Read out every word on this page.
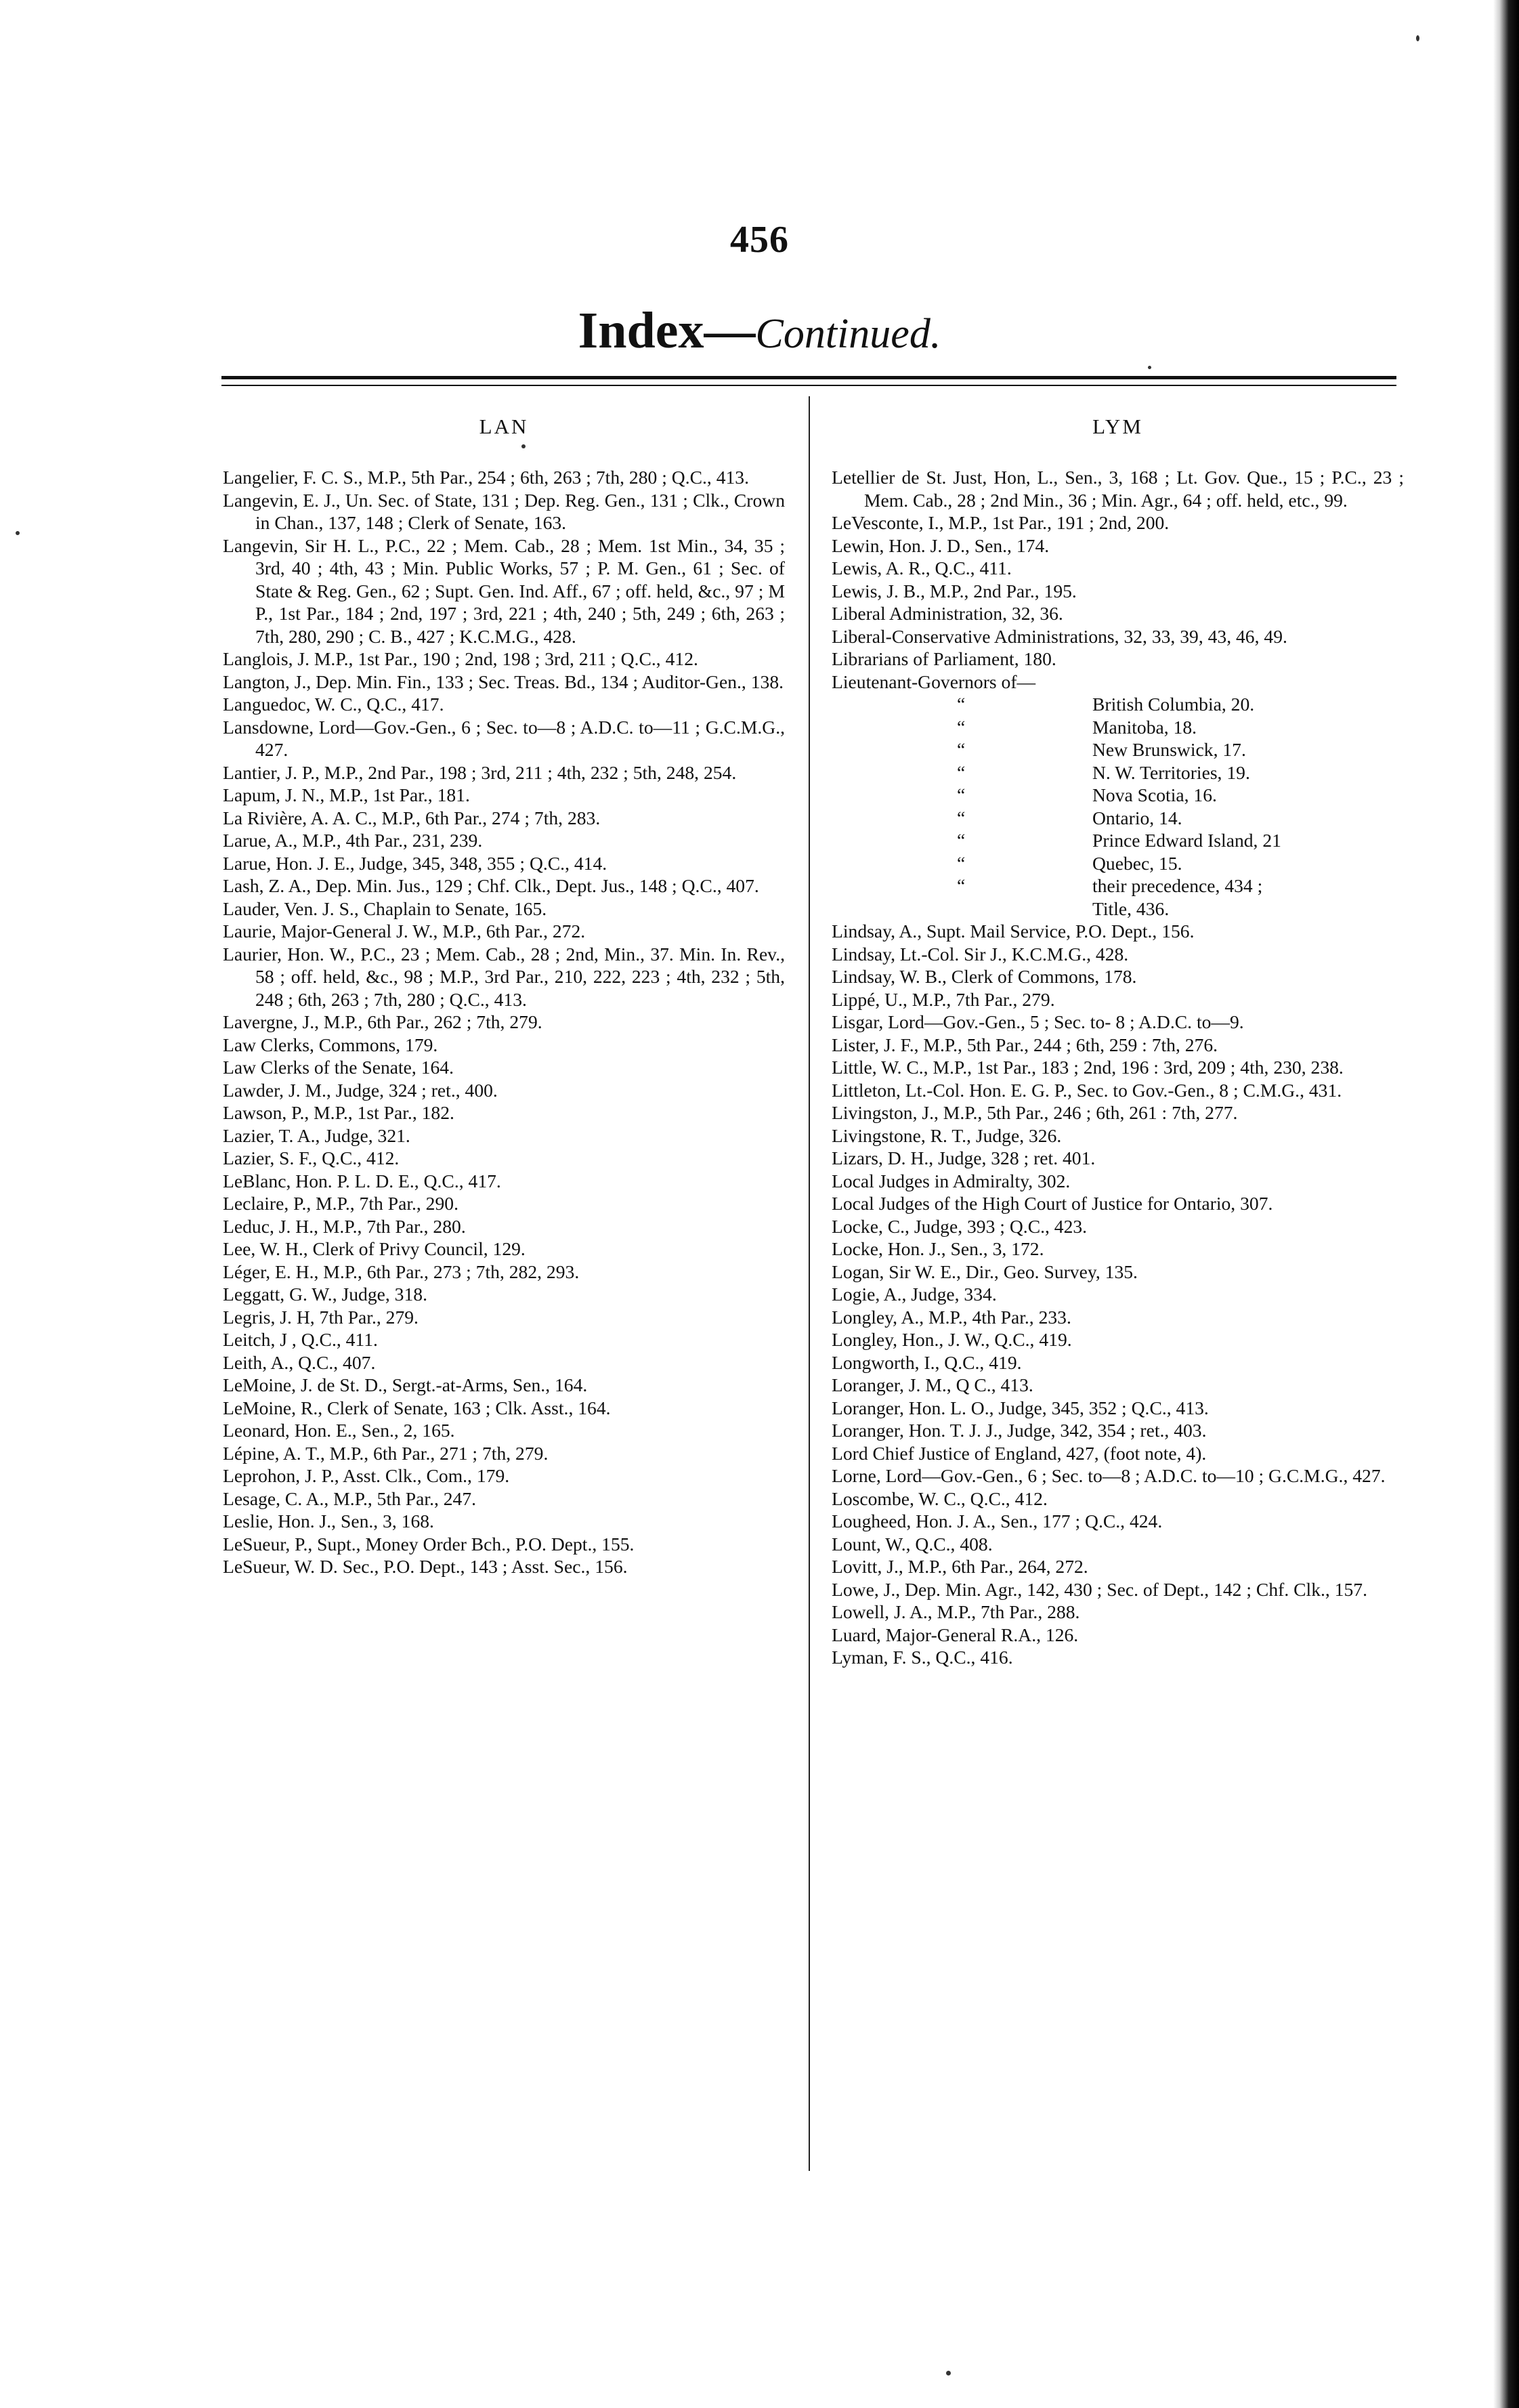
456
Index—Continued.
LAN	LYM

Langelier, F. C. S., M.P., 5th Par., 254 ; 6th, 263 ; 7th, 280 ; Q.C., 413.

Langevin, E. J., Un. Sec. of State, 131 ; Dep. Reg. Gen., 131 ; Clk., Crown in Chan., 137, 148 ; Clerk of Senate, 163.

Langevin, Sir H. L., P.C., 22 ; Mem. Cab., 28 ; Mem. 1st Min., 34, 35 ; 3rd, 40 ; 4th, 43 ; Min. Public Works, 57 ; P. M. Gen., 61 ; Sec. of State & Reg. Gen., 62 ; Supt. Gen. Ind. Aff., 67 ; off. held, &c., 97 ; M P., 1st Par., 184 ; 2nd, 197 ; 3rd, 221 ; 4th, 240 ; 5th, 249 ; 6th, 263 ; 7th, 280, 290 ; C. B., 427 ; K.C.M.G., 428.

Langlois, J. M.P., 1st Par., 190 ; 2nd, 198 ; 3rd, 211 ; Q.C., 412.

Langton, J., Dep. Min. Fin., 133 ; Sec. Treas. Bd., 134 ; Auditor-Gen., 138.

Languedoc, W. C., Q.C., 417.

Lansdowne, Lord—Gov.-Gen., 6 ; Sec. to—8 ; A.D.C. to—11 ; G.C.M.G., 427.

Lantier, J. P., M.P., 2nd Par., 198 ; 3rd, 211 ; 4th, 232 ; 5th, 248, 254.

Lapum, J. N., M.P., 1st Par., 181.

La Rivière, A. A. C., M.P., 6th Par., 274 ; 7th, 283.

Larue, A., M.P., 4th Par., 231, 239.

Larue, Hon. J. E., Judge, 345, 348, 355 ; Q.C., 414.

Lash, Z. A., Dep. Min. Jus., 129 ; Chf. Clk., Dept. Jus., 148 ; Q.C., 407.

Lauder, Ven. J. S., Chaplain to Senate, 165.

Laurie, Major-General J. W., M.P., 6th Par., 272.

Laurier, Hon. W., P.C., 23 ; Mem. Cab., 28 ; 2nd, Min., 37. Min. In. Rev., 58 ; off. held, &c., 98 ; M.P., 3rd Par., 210, 222, 223 ; 4th, 232 ; 5th, 248 ; 6th, 263 ; 7th, 280 ; Q.C., 413.

Lavergne, J., M.P., 6th Par., 262 ; 7th, 279.

Law Clerks, Commons, 179.

Law Clerks of the Senate, 164.

Lawder, J. M., Judge, 324 ; ret., 400.

Lawson, P., M.P., 1st Par., 182.

Lazier, T. A., Judge, 321.

Lazier, S. F., Q.C., 412.

LeBlanc, Hon. P. L. D. E., Q.C., 417.

Leclaire, P., M.P., 7th Par., 290.

Leduc, J. H., M.P., 7th Par., 280.

Lee, W. H., Clerk of Privy Council, 129.

Léger, E. H., M.P., 6th Par., 273 ; 7th, 282, 293.

Leggatt, G. W., Judge, 318.

Legris, J. H, 7th Par., 279.

Leitch, J , Q.C., 411.

Leith, A., Q.C., 407.

LeMoine, J. de St. D., Sergt.-at-Arms, Sen., 164.

LeMoine, R., Clerk of Senate, 163 ; Clk. Asst., 164.

Leonard, Hon. E., Sen., 2, 165.

Lépine, A. T., M.P., 6th Par., 271 ; 7th, 279.

Leprohon, J. P., Asst. Clk., Com., 179.

Lesage, C. A., M.P., 5th Par., 247.

Leslie, Hon. J., Sen., 3, 168.

LeSueur, P., Supt., Money Order Bch., P.O. Dept., 155.

LeSueur, W. D. Sec., P.O. Dept., 143 ; Asst. Sec., 156.

Letellier de St. Just, Hon, L., Sen., 3, 168 ; Lt. Gov. Que., 15 ; P.C., 23 ; Mem. Cab., 28 ; 2nd Min., 36 ; Min. Agr., 64 ; off. held, etc., 99.

LeVesconte, I., M.P., 1st Par., 191 ; 2nd, 200.

Lewin, Hon. J. D., Sen., 174.

Lewis, A. R., Q.C., 411.

Lewis, J. B., M.P., 2nd Par., 195.

Liberal Administration, 32, 36.

Liberal-Conservative Administrations, 32, 33, 39, 43, 46, 49.

Librarians of Parliament, 180.

Lieutenant-Governors of—

“	British Columbia, 20.

“	Manitoba, 18.

“	New Brunswick, 17.

“	N. W. Territories, 19.

“	Nova Scotia, 16.

“	Ontario, 14.

“	Prince Edward Island, 21

“	Quebec, 15.

“	their precedence, 434 ;
Title, 436.

Lindsay, A., Supt. Mail Service, P.O. Dept., 156.

Lindsay, Lt.-Col. Sir J., K.C.M.G., 428.

Lindsay, W. B., Clerk of Commons, 178.

Lippé, U., M.P., 7th Par., 279.

Lisgar, Lord—Gov.-Gen., 5 ; Sec. to- 8 ; A.D.C. to—9.

Lister, J. F., M.P., 5th Par., 244 ; 6th, 259 : 7th, 276.

Little, W. C., M.P., 1st Par., 183 ; 2nd, 196 : 3rd, 209 ; 4th, 230, 238.

Littleton, Lt.-Col. Hon. E. G. P., Sec. to Gov.-Gen., 8 ; C.M.G., 431.

Livingston, J., M.P., 5th Par., 246 ; 6th, 261 : 7th, 277.

Livingstone, R. T., Judge, 326.

Lizars, D. H., Judge, 328 ; ret. 401.

Local Judges in Admiralty, 302.

Local Judges of the High Court of Justice for Ontario, 307.

Locke, C., Judge, 393 ; Q.C., 423.

Locke, Hon. J., Sen., 3, 172.

Logan, Sir W. E., Dir., Geo. Survey, 135.

Logie, A., Judge, 334.

Longley, A., M.P., 4th Par., 233.

Longley, Hon., J. W., Q.C., 419.

Longworth, I., Q.C., 419.

Loranger, J. M., Q C., 413.

Loranger, Hon. L. O., Judge, 345, 352 ; Q.C., 413.

Loranger, Hon. T. J. J., Judge, 342, 354 ; ret., 403.

Lord Chief Justice of England, 427, (foot note, 4).

Lorne, Lord—Gov.-Gen., 6 ; Sec. to—8 ; A.D.C. to—10 ; G.C.M.G., 427.

Loscombe, W. C., Q.C., 412.

Lougheed, Hon. J. A., Sen., 177 ; Q.C., 424.

Lount, W., Q.C., 408.

Lovitt, J., M.P., 6th Par., 264, 272.

Lowe, J., Dep. Min. Agr., 142, 430 ; Sec. of Dept., 142 ; Chf. Clk., 157.

Lowell, J. A., M.P., 7th Par., 288.

Luard, Major-General R.A., 126.

Lyman, F. S., Q.C., 416.
